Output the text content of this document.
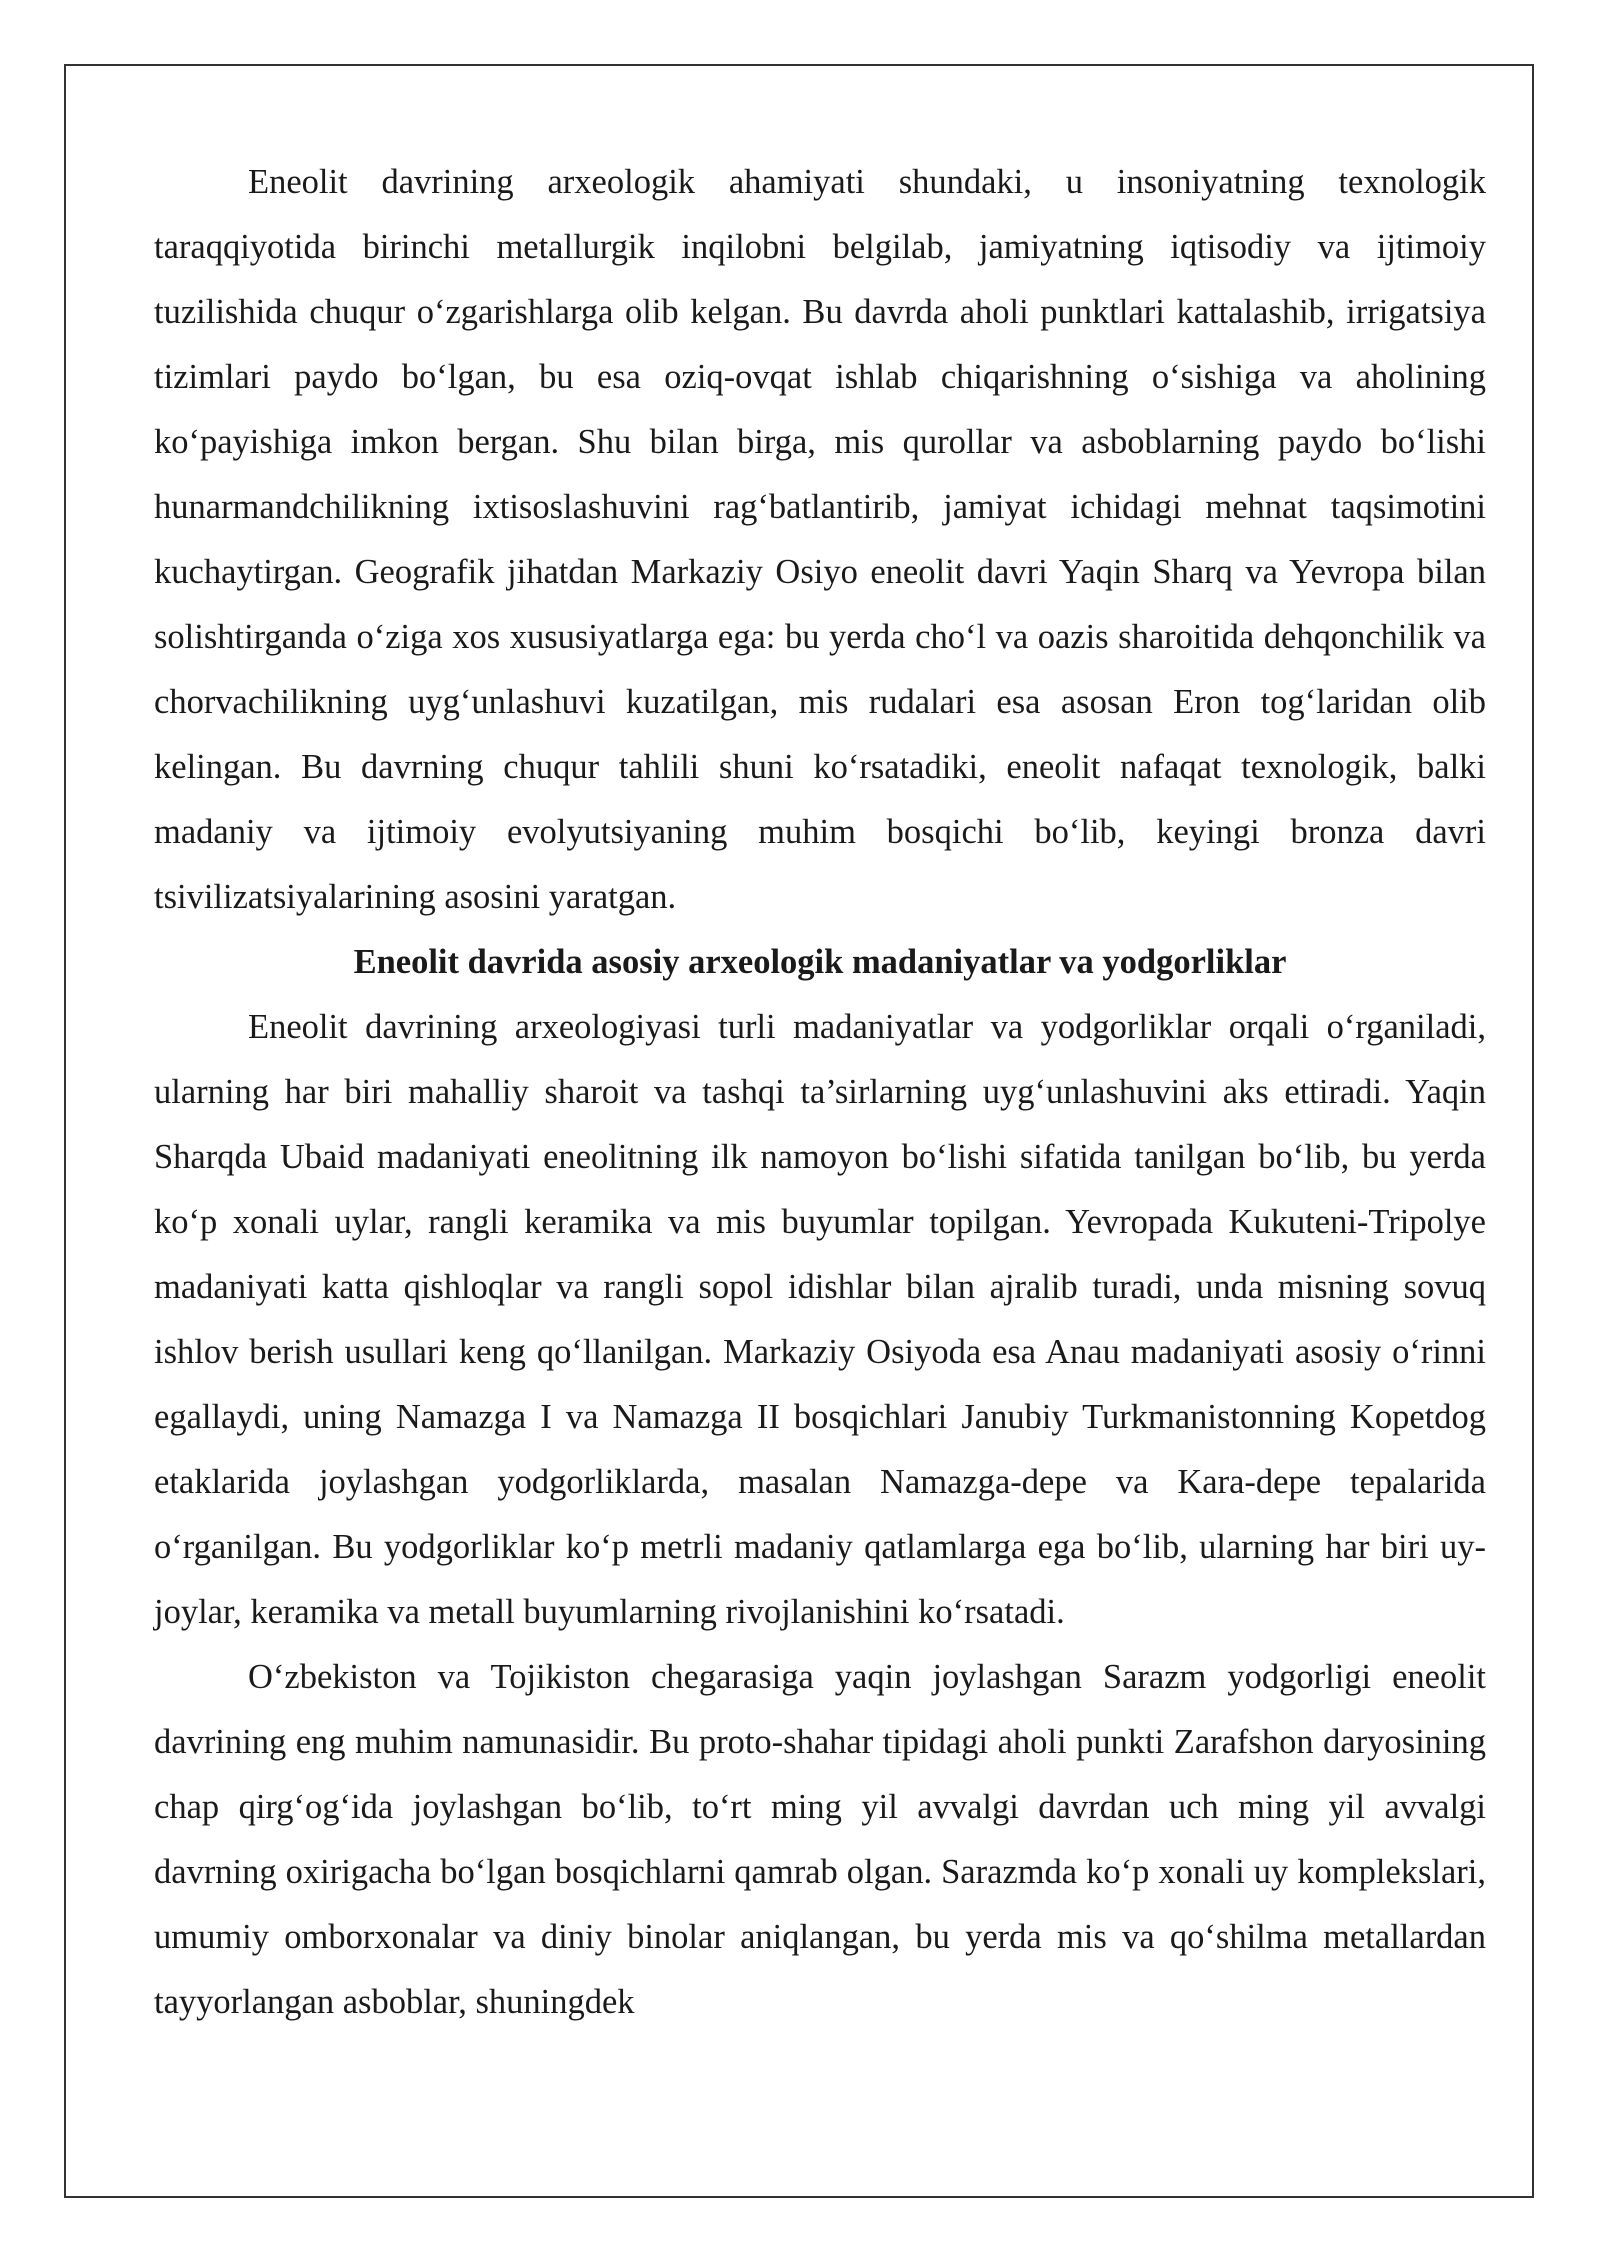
Eneolit davrining arxeologik ahamiyati shundaki, u insoniyatning texnologik taraqqiyotida birinchi metallurgik inqilobni belgilab, jamiyatning iqtisodiy va ijtimoiy tuzilishida chuqur oʻzgarishlarga olib kelgan. Bu davrda aholi punktlari kattalashib, irrigatsiya tizimlari paydo boʻlgan, bu esa oziq-ovqat ishlab chiqarishning oʻsishiga va aholining koʻpayishiga imkon bergan. Shu bilan birga, mis qurollar va asboblarning paydo boʻlishi hunarmandchilikning ixtisoslashuvini ragʻbatlantirib, jamiyat ichidagi mehnat taqsimotini kuchaytirgan. Geografik jihatdan Markaziy Osiyo eneolit davri Yaqin Sharq va Yevropa bilan solishtirganda oʻziga xos xususiyatlarga ega: bu yerda choʻl va oazis sharoitida dehqonchilik va chorvachilikning uygʻunlashuvi kuzatilgan, mis rudalari esa asosan Eron togʻlaridan olib kelingan. Bu davrning chuqur tahlili shuni koʻrsatadiki, eneolit nafaqat texnologik, balki madaniy va ijtimoiy evolyutsiyaning muhim bosqichi boʻlib, keyingi bronza davri tsivilizatsiyalarining asosini yaratgan.

Eneolit davrida asosiy arxeologik madaniyatlar va yodgorliklar

Eneolit davrining arxeologiyasi turli madaniyatlar va yodgorliklar orqali oʻrganiladi, ularning har biri mahalliy sharoit va tashqi ta’sirlarning uygʻunlashuvini aks ettiradi. Yaqin Sharqda Ubaid madaniyati eneolitning ilk namoyon boʻlishi sifatida tanilgan boʻlib, bu yerda koʻp xonali uylar, rangli keramika va mis buyumlar topilgan. Yevropada Kukuteni-Tripolye madaniyati katta qishloqlar va rangli sopol idishlar bilan ajralib turadi, unda misning sovuq ishlov berish usullari keng qoʻllanilgan. Markaziy Osiyoda esa Anau madaniyati asosiy oʻrinni egallaydi, uning Namazga I va Namazga II bosqichlari Janubiy Turkmanistonning Kopetdog etaklarida joylashgan yodgorliklarda, masalan Namazga-depe va Kara-depe tepalarida oʻrganilgan. Bu yodgorliklar koʻp metrli madaniy qatlamlarga ega boʻlib, ularning har biri uy-joylar, keramika va metall buyumlarning rivojlanishini koʻrsatadi.

Oʻzbekiston va Tojikiston chegarasiga yaqin joylashgan Sarazm yodgorligi eneolit davrining eng muhim namunasidir. Bu proto-shahar tipidagi aholi punkti Zarafshon daryosining chap qirgʻogʻida joylashgan boʻlib, toʻrt ming yil avvalgi davrdan uch ming yil avvalgi davrning oxirigacha boʻlgan bosqichlarni qamrab olgan. Sarazmda koʻp xonali uy komplekslari, umumiy omborxonalar va diniy binolar aniqlangan, bu yerda mis va qoʻshilma metallardan tayyorlangan asboblar, shuningdek
